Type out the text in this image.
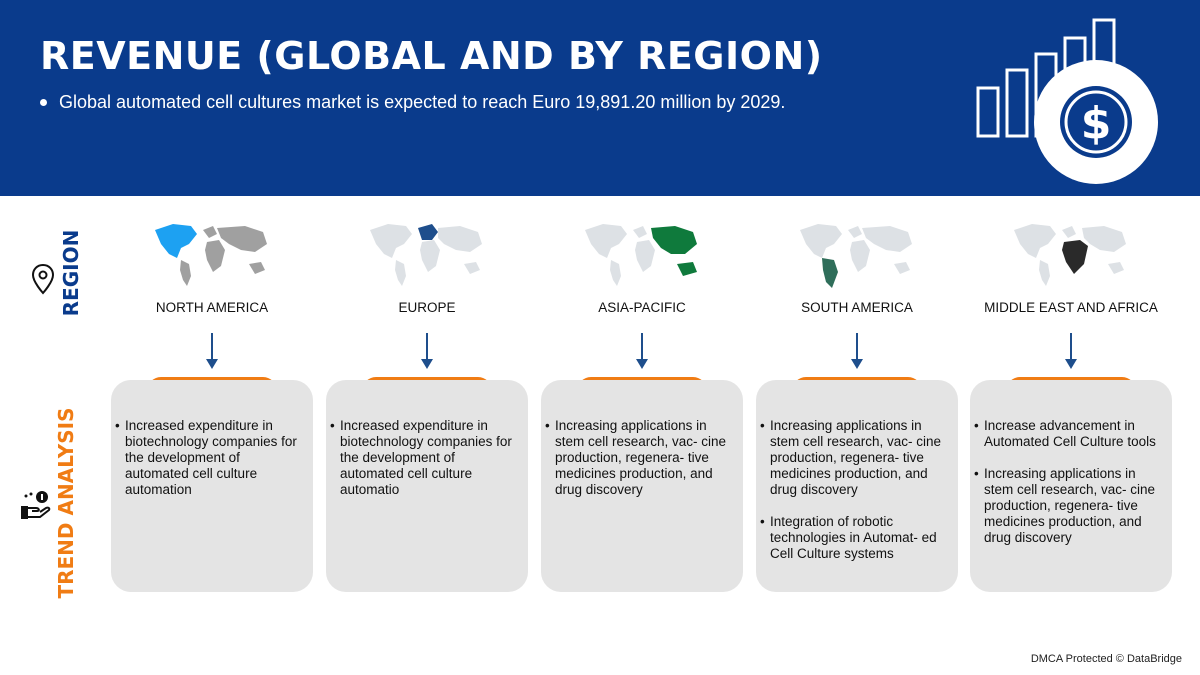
REVENUE (GLOBAL AND BY REGION)
Global automated cell cultures market is expected to reach Euro 19,891.20 million by 2029.	$
REGION
TREND ANALYSIS
NORTH AMERICA
• Increased expenditure in biotechnology companies for the development of automated cell culture automation
EUROPE
• Increased expenditure in biotechnology companies for the development of automated cell culture automatio
ASIA-PACIFIC
• Increasing applications in stem cell research, vac- cine production, regenera- tive medicines production, and drug discovery
SOUTH AMERICA
• Increasing applications in stem cell research, vac- cine production, regenera- tive medicines production, and drug discovery
• Integration of robotic technologies in Automat- ed Cell Culture systems
MIDDLE EAST AND AFRICA
• Increase advancement in Automated Cell Culture tools
• Increasing applications in stem cell research, vac- cine production, regenera- tive medicines production, and drug discovery
DMCA Protected © DataBridge
